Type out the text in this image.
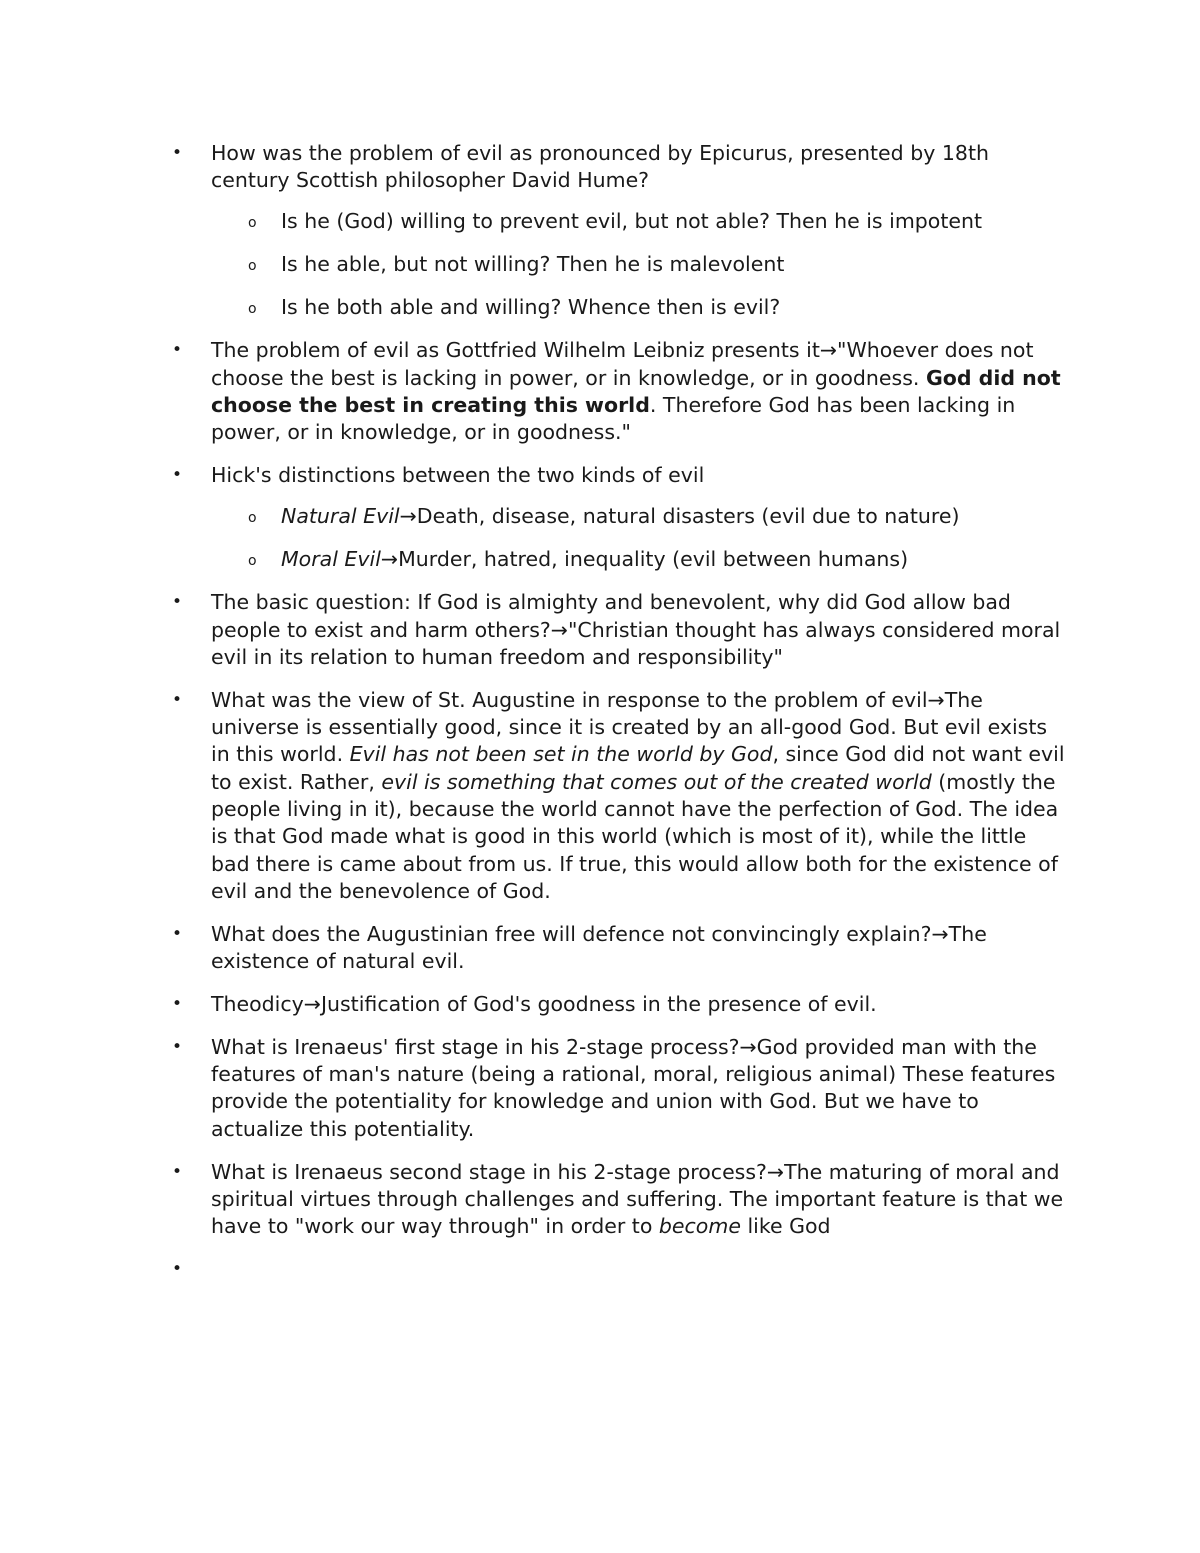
• How was the problem of evil as pronounced by Epicurus, presented by 18th century Scottish philosopher David Hume?
o Is he (God) willing to prevent evil, but not able? Then he is impotent
o Is he able, but not willing? Then he is malevolent
o Is he both able and willing? Whence then is evil?
• The problem of evil as Gottfried Wilhelm Leibniz presents it→"Whoever does not choose the best is lacking in power, or in knowledge, or in goodness. God did not choose the best in creating this world. Therefore God has been lacking in power, or in knowledge, or in goodness."
• Hick's distinctions between the two kinds of evil
o Natural Evil→Death, disease, natural disasters (evil due to nature)
o Moral Evil→Murder, hatred, inequality (evil between humans)
• The basic question: If God is almighty and benevolent, why did God allow bad people to exist and harm others?→"Christian thought has always considered moral evil in its relation to human freedom and responsibility"
• What was the view of St. Augustine in response to the problem of evil→The universe is essentially good, since it is created by an all-good God. But evil exists in this world. Evil has not been set in the world by God, since God did not want evil to exist. Rather, evil is something that comes out of the created world (mostly the people living in it), because the world cannot have the perfection of God. The idea is that God made what is good in this world (which is most of it), while the little bad there is came about from us. If true, this would allow both for the existence of evil and the benevolence of God.
• What does the Augustinian free will defence not convincingly explain?→The existence of natural evil.
• Theodicy→Justification of God's goodness in the presence of evil.
• What is Irenaeus' first stage in his 2-stage process?→God provided man with the features of man's nature (being a rational, moral, religious animal) These features provide the potentiality for knowledge and union with God. But we have to actualize this potentiality.
• What is Irenaeus second stage in his 2-stage process?→The maturing of moral and spiritual virtues through challenges and suffering. The important feature is that we have to "work our way through" in order to become like God
•
